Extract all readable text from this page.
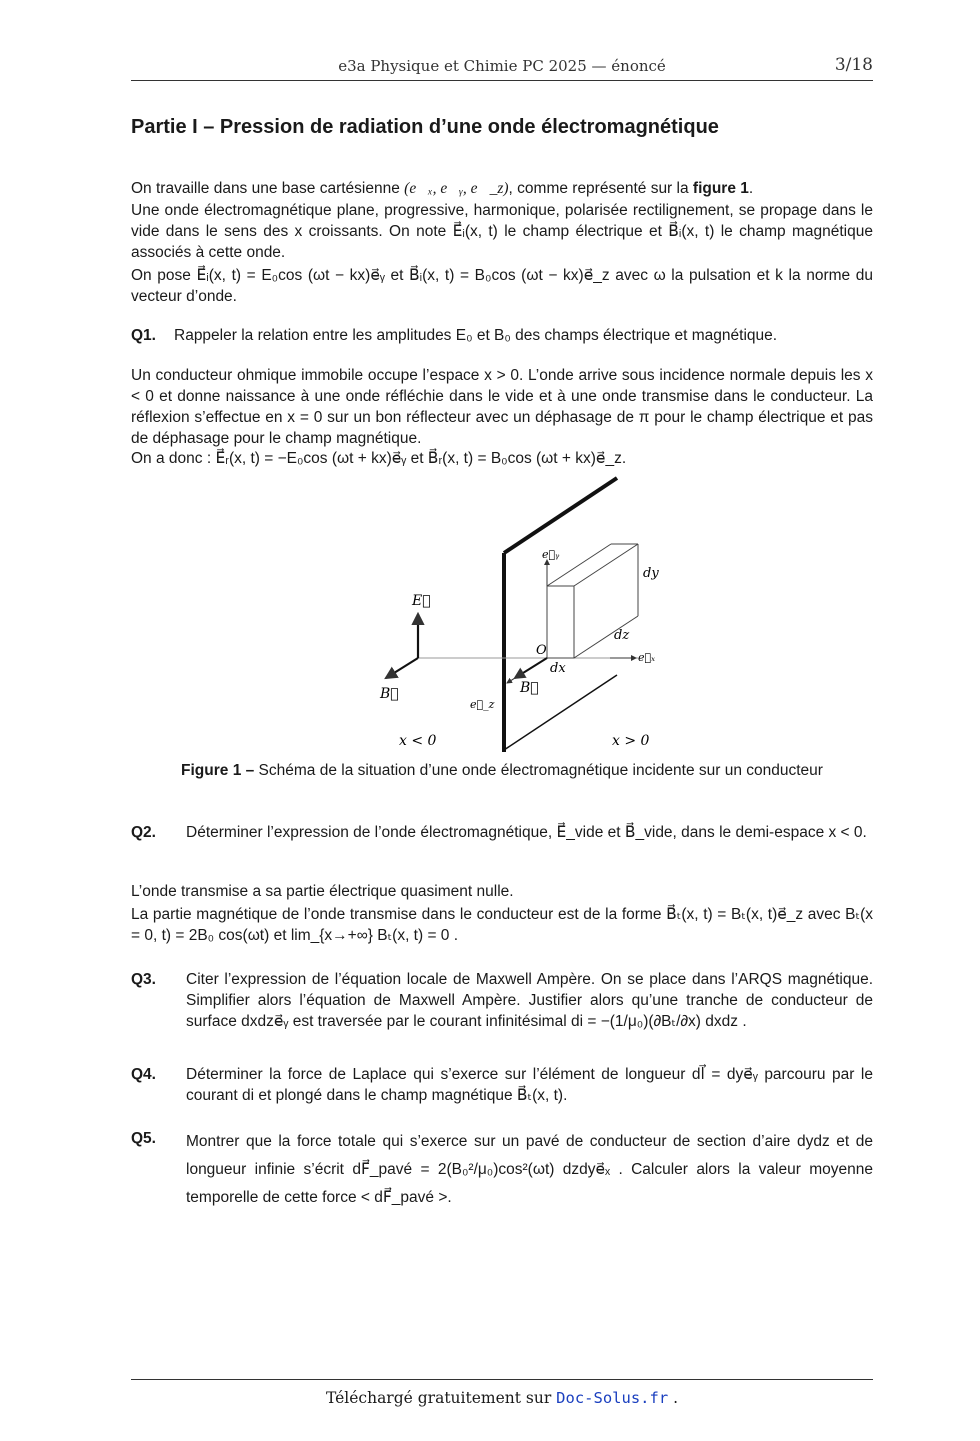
e3a Physique et Chimie PC 2025 — énoncé	3/18
Partie I – Pression de radiation d’une onde électromagnétique
On travaille dans une base cartésienne (e⃗ₓ, e⃗ᵧ, e⃗_z), comme représenté sur la figure 1.

Une onde électromagnétique plane, progressive, harmonique, polarisée rectilignement, se propage dans le vide dans le sens des x croissants. On note E⃗ᵢ(x, t) le champ électrique et B⃗ᵢ(x, t) le champ magnétique associés à cette onde.

On pose E⃗ᵢ(x, t) = E₀cos (ωt − kx)e⃗ᵧ et B⃗ᵢ(x, t) = B₀cos (ωt − kx)e⃗_z avec ω la pulsation et k la norme du vecteur d’onde.

Q1. Rappeler la relation entre les amplitudes E₀ et B₀ des champs électrique et magnétique.

Un conducteur ohmique immobile occupe l’espace x > 0. L’onde arrive sous incidence normale depuis les x < 0 et donne naissance à une onde réfléchie dans le vide et à une onde transmise dans le conducteur. La réflexion s’effectue en x = 0 sur un bon réflecteur avec un déphasage de π pour le champ électrique et pas de déphasage pour le champ magnétique.

On a donc : E⃗ᵣ(x, t) = −E₀cos (ωt + kx)e⃗ᵧ et B⃗ᵣ(x, t) = B₀cos (ωt + kx)e⃗_z.

E⃗
B⃗	B⃗
e⃗ᵧ
e⃗ₓ
e⃗_z
O
dx
dy
dz
x < 0	x > 0
Figure 1 – Schéma de la situation d’une onde électromagnétique incidente sur un conducteur
Q2. Déterminer l’expression de l’onde électromagnétique, E⃗_vide et B⃗_vide, dans le demi-espace x < 0.

L’onde transmise a sa partie électrique quasiment nulle.

La partie magnétique de l’onde transmise dans le conducteur est de la forme B⃗ₜ(x, t) = Bₜ(x, t)e⃗_z avec Bₜ(x = 0, t) = 2B₀ cos(ωt) et lim_{x→+∞} Bₜ(x, t) = 0 .

Q3. Citer l’expression de l’équation locale de Maxwell Ampère. On se place dans l’ARQS magnétique. Simplifier alors l’équation de Maxwell Ampère. Justifier alors qu’une tranche de conducteur de surface dxdze⃗ᵧ est traversée par le courant infinitésimal di = −(1/μ₀)(∂Bₜ/∂x) dxdz .
Q4. Déterminer la force de Laplace qui s’exerce sur l’élément de longueur dl⃗ = dye⃗ᵧ parcouru par le courant di et plongé dans le champ magnétique B⃗ₜ(x, t).
Q5. Montrer que la force totale qui s’exerce sur un pavé de conducteur de section d’aire dydz et de longueur infinie s’écrit dF⃗_pavé = 2(B₀²/μ₀)cos²(ωt) dzdye⃗ₓ . Calculer alors la valeur moyenne temporelle de cette force < dF⃗_pavé >.
Téléchargé gratuitement sur Doc-Solus.fr .
